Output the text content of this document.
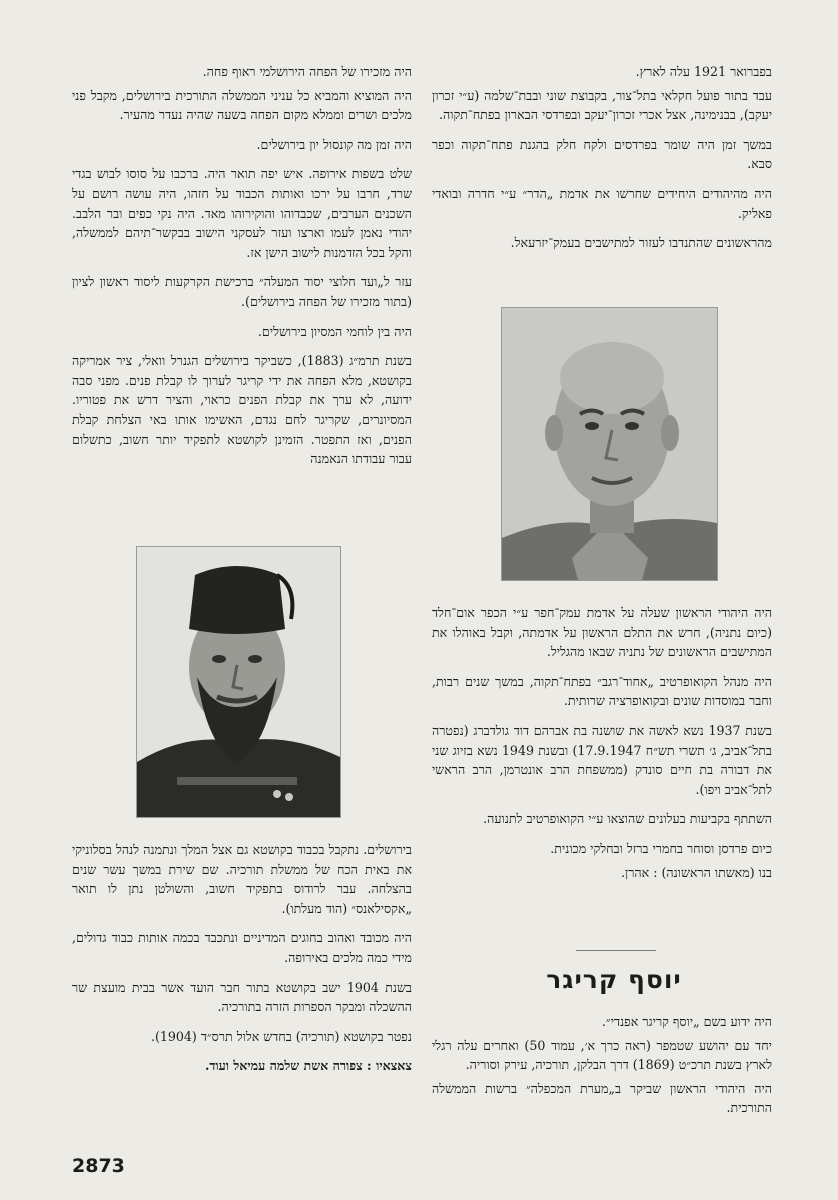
בפברואר 1921 עלה לארץ.

עבד בתור פועל חקלאי בתל־צור, בקבוצת שוני ובבת־שלמה (ע״י זכרון יעקב), בבנימינה, אצל אכרי זכרון־יעקב ובפרדסי הבארון בפתח־תקוה.

במשך זמן היה שומר בפרדסים ולקח חלק בהגנת פתח־תקוה וכפר סבא.

היה מהיהודים היחידים שחרשו את אדמת „הדר״ ע״י חדרה ובואדי פאליק.

מהראשונים שהתנדבו לעזור למתישבים בעמק־יזרעאל.

היה היהודי הראשון שעלה על אדמת עמק־חפר ע״י הכפר אום־חלד (כיום נתניה), חרש את התלם הראשון על אדמתה, וקבל באוהלו את המתישבים הראשונים של נתניה שבאו מהגליל.

היה מנהל הקואופרטיב „אחוד־רגב״ בפתח־תקוה, במשך שנים רבות, וחבר במוסדות שונים ובקואופרציה שרותית.

בשנת 1937 נשא לאשה את שושנה בת אברהם דוד גולדברג (נפטרה בתל־אביב, ג׳ תשרי תש״ח 17.9.1947) ובשנת 1949 נשא בזיוג שני את דבורה בת חיים סונדק (ממשפחת הרב אונטרמן, הרב הראשי לתל־אביב ויפו).

השתתף בקביעות בעלונים שהוצאו ע״י הקואופרטיב לתנועה.

כיום פרדסן וסוחר בחמרי ברזל ובחלקי מכונית.

בנו (מאשתו הראשונה) : אהרן.

יוסף קריגר

היה ידוע בשם „יוסף קריגר אפנדי״.

יחד עם יהושע שטמפר (ראה כרך א׳, עמוד 50) ואחרים עלה רגלי לארץ בשנת תרכ״ט (1869) דרך הבלקן, תורכיה, עירק וסוריה.

היה היהודי הראשון שביקר ב„מערת המכפלה״ ברשות הממשלה התורכית.

היה מזכירו של הפחה הירושלמי ראוף פחה.

היה המוציא והמביא כל עניני הממשלה התורכית בירושלים, מקבל פני מלכים ושרים וממלא מקום הפחה בשעה שהיה נעדר מהעיר.

היה זמן מה קונסול יון בירושלים.

שלט בשפות אירופה. איש יפה תואר היה. ברכבו על סוסו לבוש בגדי שרד, חרבו על ירכו ואותות הכבוד על חזהו, היה עושה רושם על השכנים הערבים, שכבדוהו והוקירוהו מאד. היה נקי כפים ובר הלבב. יהודי נאמן לעמו וארצו ועזר לעסקני הישוב בבקשר־תיהם לממשלה, והקל בכל הזדמנות לישוב הישן אז.

עזר ל„ועד חלוצי יסוד המעלה״ ברכישת הקרקעות ליסוד ראשון לציון (בתור מזכירו של הפחה בירושלים).

היה בין לוחמי המסיון בירושלים.

בשנת תרמ״ג (1883), כשביקר בירושלים הגנרל וואלי, ציר אמריקה בקושטא, מלא הפחה את ידי קריגר לערוך לו קבלת פנים. מפני סבה ידועה, לא ערך את קבלת הפנים כראוי, והציר דרש את פטוריו. המסיונרים, שקריגר לחם נגדם, האשימו אותו באי הצלחת קבלת הפנים, ואז התפטר. הזמינן לקושטא לתפקיד יותר חשוב, כתשלום עבור עבודתו הנאמנה

בירושלים. נתקבל בכבוד בקושטא גם אצל המלך ונתמנה לנהל בסלוניקי את באית הכח של ממשלת תורכיה. שם שירת במשך עשר שנים בהצלחה. עבר לרודוס בתפקיד חשוב, והשולטן נתן לו תואר „אקסילאנס״ (הוד מעלתו).

היה מכובד ואהוב בחוגים המדיניים ונתכבד בכמה אותות כבוד גדולים, מידי כמה מלכים באירופה.

בשנת 1904 ישב בקושטא בתור חבר הועד אשר בבית מועצת שר ההשכלה ומבקר הספרות הזרה בתורכיה.

נפטר בקושטא (תורכיה) בחדש אלול תרס״ד (1904).

צאצאיו : צפורה אשת שלמה עמיאל ועוד.

2873
